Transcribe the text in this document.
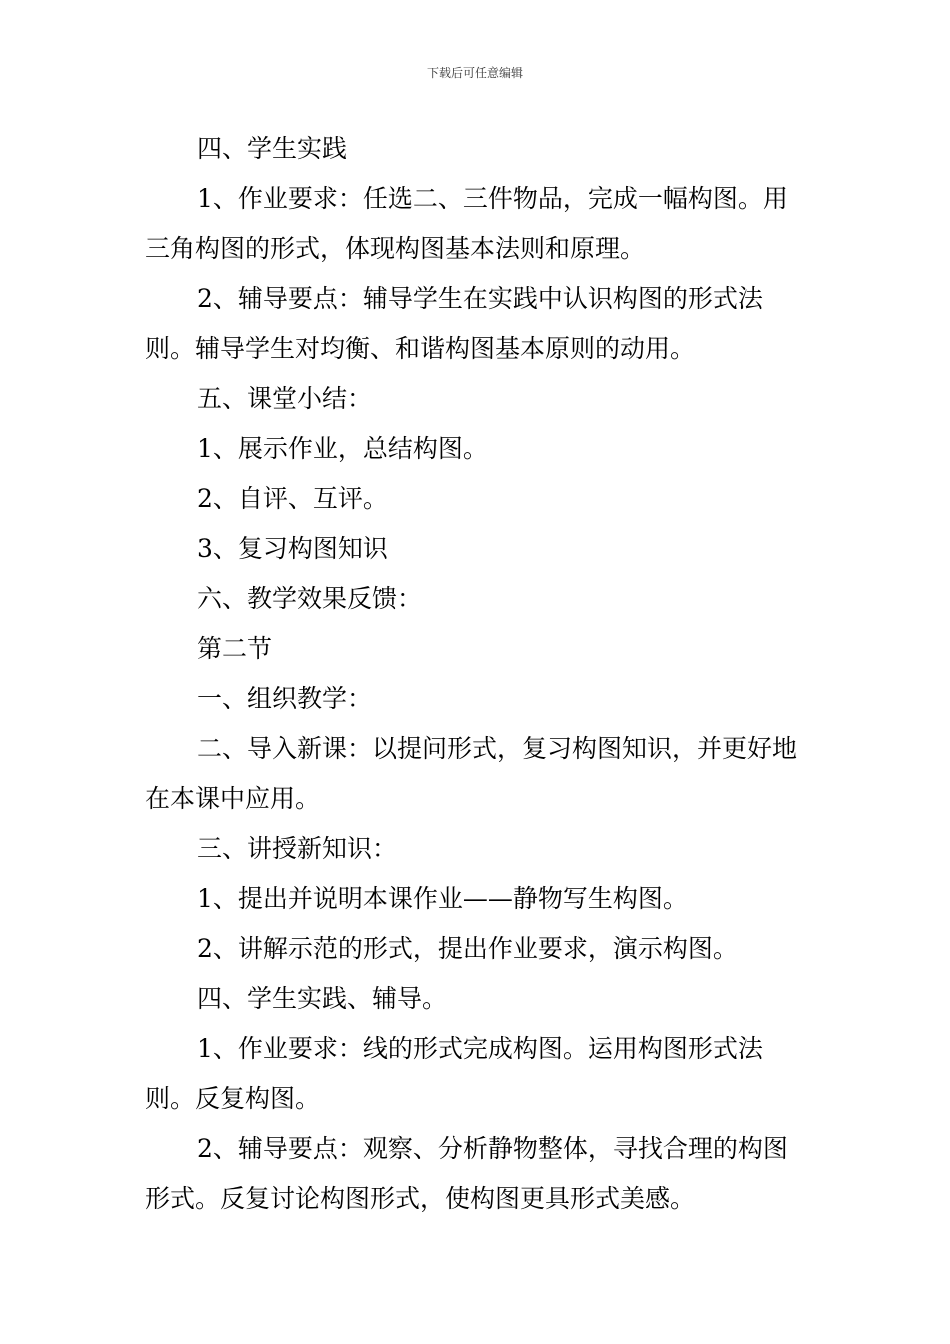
下载后可任意编辑

四、学生实践

1、作业要求：任选二、三件物品，完成一幅构图。用三角构图的形式，体现构图基本法则和原理。

2、辅导要点：辅导学生在实践中认识构图的形式法则。辅导学生对均衡、和谐构图基本原则的动用。

五、课堂小结：

1、展示作业，总结构图。

2、自评、互评。

3、复习构图知识

六、教学效果反馈：

第二节

一、组织教学：

二、导入新课：以提问形式，复习构图知识，并更好地在本课中应用。

三、讲授新知识：

1、提出并说明本课作业——静物写生构图。

2、讲解示范的形式，提出作业要求，演示构图。

四、学生实践、辅导。

1、作业要求：线的形式完成构图。运用构图形式法则。反复构图。

2、辅导要点：观察、分析静物整体，寻找合理的构图形式。反复讨论构图形式，使构图更具形式美感。
